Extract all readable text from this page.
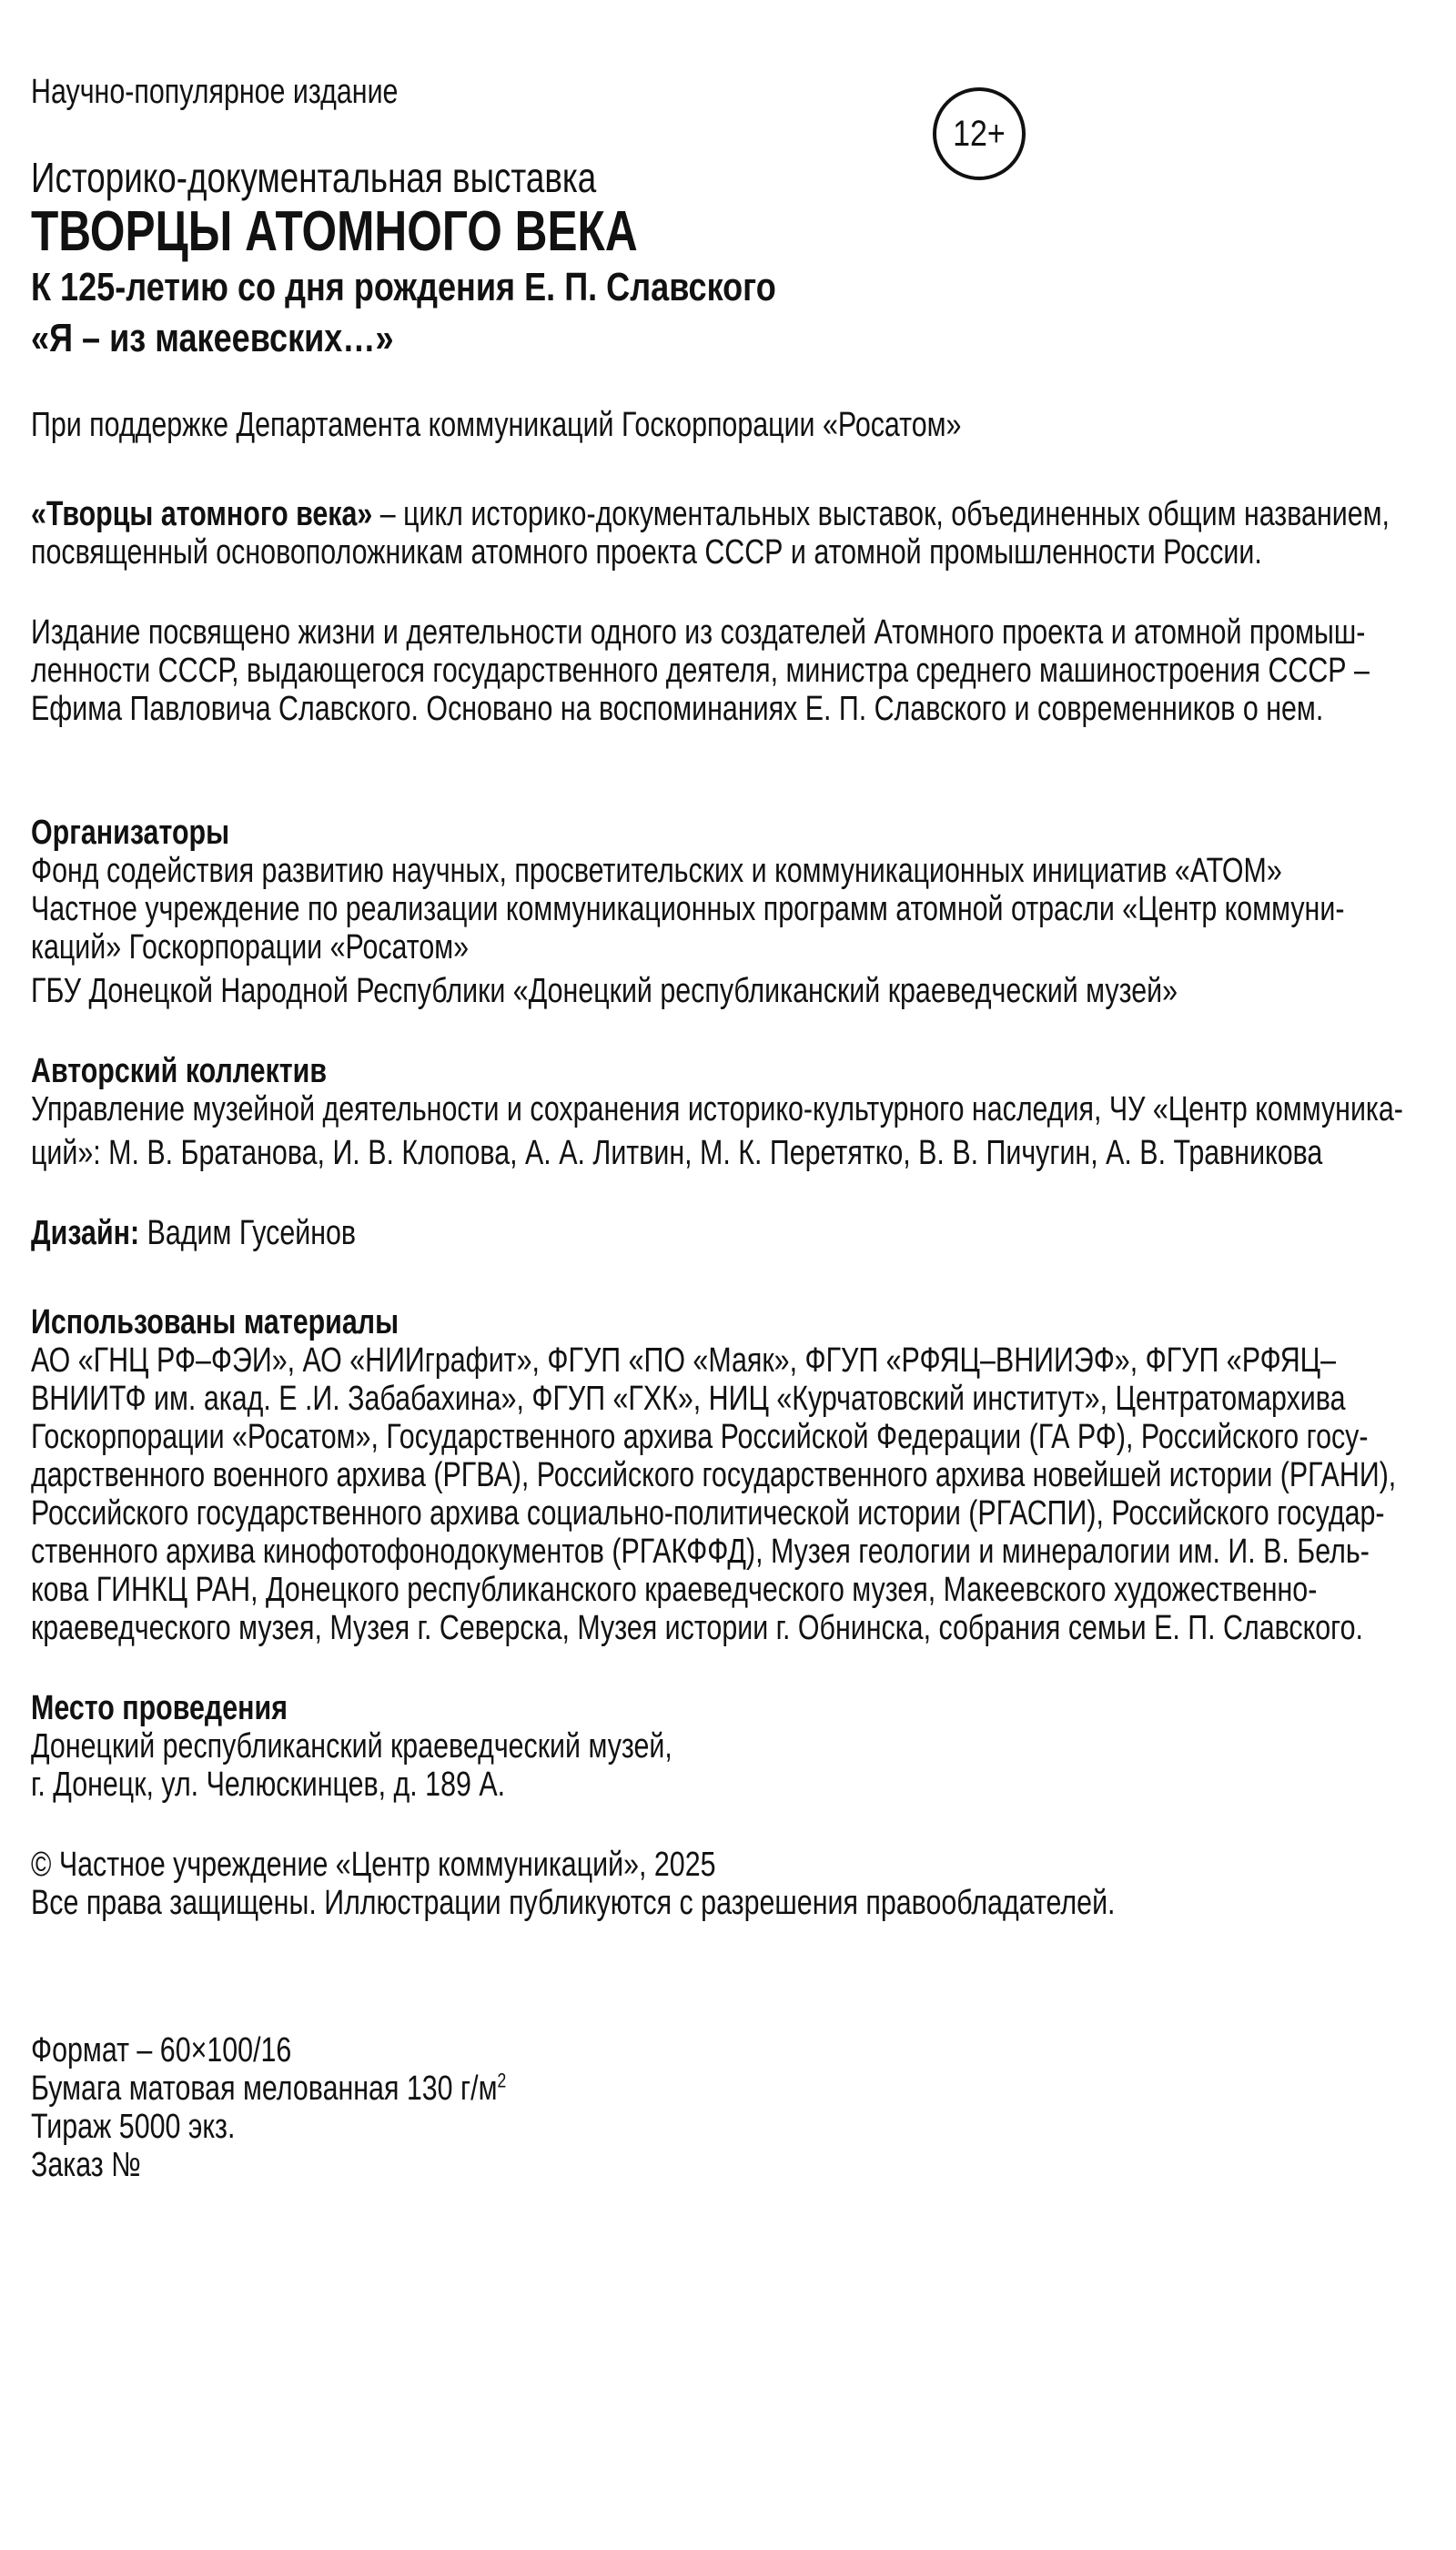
Научно-популярное издание
Историко-документальная выставка
ТВОРЦЫ АТОМНОГО ВЕКА
К 125-летию со дня рождения Е. П. Славского
«Я – из макеевских…»
При поддержке Департамента коммуникаций Госкорпорации «Росатом»
«Творцы атомного века» – цикл историко-документальных выставок, объединенных общим названием,
посвященный основоположникам атомного проекта СССР и атомной промышленности России.
Издание посвящено жизни и деятельности одного из создателей Атомного проекта и атомной промыш-
ленности СССР, выдающегося государственного деятеля, министра среднего машиностроения СССР –
Ефима Павловича Славского. Основано на воспоминаниях Е. П. Славского и современников о нем.
Организаторы
Фонд содействия развитию научных, просветительских и коммуникационных инициатив «АТОМ»
Частное учреждение по реализации коммуникационных программ атомной отрасли «Центр коммуни-
каций» Госкорпорации «Росатом»
ГБУ Донецкой Народной Республики «Донецкий республиканский краеведческий музей»
Авторский коллектив
Управление музейной деятельности и сохранения историко-культурного наследия, ЧУ «Центр коммуника-
ций»: М. В. Братанова, И. В. Клопова, А. А. Литвин, М. К. Перетятко, В. В. Пичугин, А. В. Травникова
Дизайн: Вадим Гусейнов
Использованы материалы
АО «ГНЦ РФ–ФЭИ», АО «НИИграфит», ФГУП «ПО «Маяк», ФГУП «РФЯЦ–ВНИИЭФ», ФГУП «РФЯЦ–
ВНИИТФ им. акад. Е .И. Забабахина», ФГУП «ГХК», НИЦ «Курчатовский институт», Центратомархива
Госкорпорации «Росатом», Государственного архива Российской Федерации (ГА РФ), Российского госу-
дарственного военного архива (РГВА), Российского государственного архива новейшей истории (РГАНИ),
Российского государственного архива социально-политической истории (РГАСПИ), Российского государ-
ственного архива кинофотофонодокументов (РГАКФФД), Музея геологии и минералогии им. И. В. Бель-
кова ГИНКЦ РАН, Донецкого республиканского краеведческого музея, Макеевского художественно-
краеведческого музея, Музея г. Северска, Музея истории г. Обнинска, собрания семьи Е. П. Славского.
Место проведения
Донецкий республиканский краеведческий музей,
г. Донецк, ул. Челюскинцев, д. 189 А.
© Частное учреждение «Центр коммуникаций», 2025
Все права защищены. Иллюстрации публикуются с разрешения правообладателей.
Формат – 60×100/16
Бумага матовая мелованная 130 $г/м^2$
Тираж 5000 экз.
Заказ №
12+
